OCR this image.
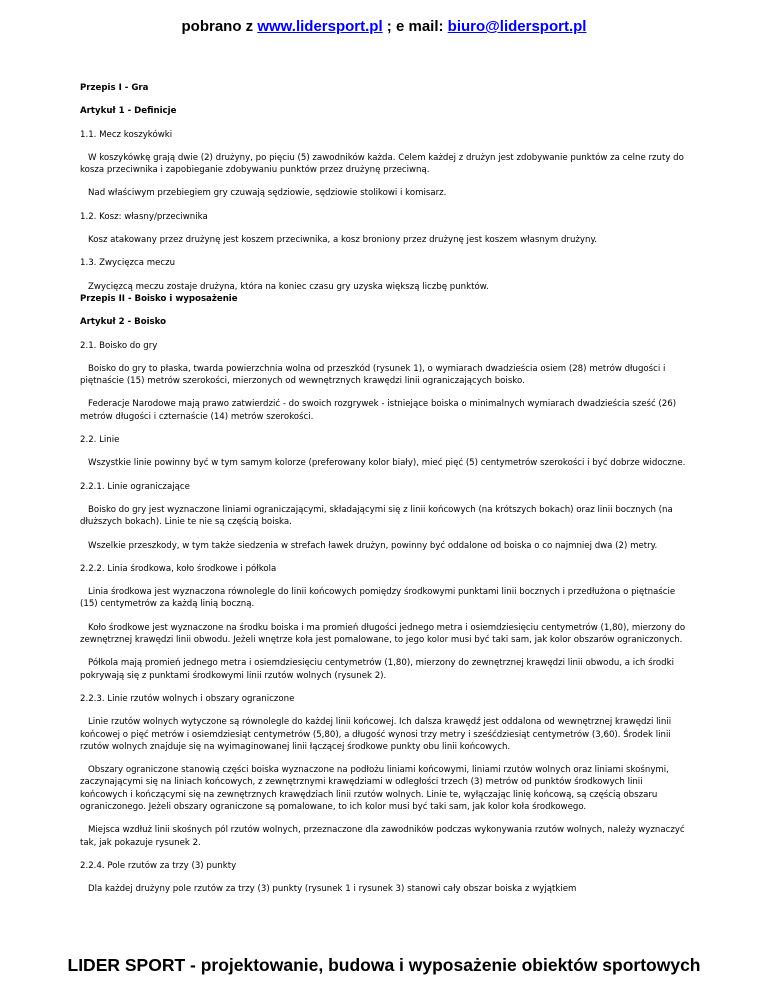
pobrano z www.lidersport.pl ; e mail: biuro@lidersport.pl

Przepis I - Gra

Artykuł 1 - Definicje

1.1. Mecz koszykówki

W koszykówkę grają dwie (2) drużyny, po pięciu (5) zawodników każda. Celem każdej z drużyn jest zdobywanie punktów za celne rzuty do kosza przeciwnika i zapobieganie zdobywaniu punktów przez drużynę przeciwną.

Nad właściwym przebiegiem gry czuwają sędziowie, sędziowie stolikowi i komisarz.

1.2. Kosz: własny/przeciwnika

Kosz atakowany przez drużynę jest koszem przeciwnika, a kosz broniony przez drużynę jest koszem własnym drużyny.

1.3. Zwycięzca meczu

Zwycięzcą meczu zostaje drużyna, która na koniec czasu gry uzyska większą liczbę punktów.

Przepis II - Boisko i wyposażenie

Artykuł 2 - Boisko

2.1. Boisko do gry

Boisko do gry to płaska, twarda powierzchnia wolna od przeszkód (rysunek 1), o wymiarach dwadzieścia osiem (28) metrów długości i piętnaście (15) metrów szerokości, mierzonych od wewnętrznych krawędzi linii ograniczających boisko.

Federacje Narodowe mają prawo zatwierdzić - do swoich rozgrywek - istniejące boiska o minimalnych wymiarach dwadzieścia sześć (26) metrów długości i czternaście (14) metrów szerokości.

2.2. Linie

Wszystkie linie powinny być w tym samym kolorze (preferowany kolor biały), mieć pięć (5) centymetrów szerokości i być dobrze widoczne.

2.2.1. Linie ograniczające

Boisko do gry jest wyznaczone liniami ograniczającymi, składającymi się z linii końcowych (na krótszych bokach) oraz linii bocznych (na dłuższych bokach). Linie te nie są częścią boiska.

Wszelkie przeszkody, w tym także siedzenia w strefach ławek drużyn, powinny być oddalone od boiska o co najmniej dwa (2) metry.

2.2.2. Linia środkowa, koło środkowe i półkola

Linia środkowa jest wyznaczona równolegle do linii końcowych pomiędzy środkowymi punktami linii bocznych i przedłużona o piętnaście (15) centymetrów za każdą linią boczną.

Koło środkowe jest wyznaczone na środku boiska i ma promień długości jednego metra i osiemdziesięciu centymetrów (1,80), mierzony do zewnętrznej krawędzi linii obwodu. Jeżeli wnętrze koła jest pomalowane, to jego kolor musi być taki sam, jak kolor obszarów ograniczonych.

Półkola mają promień jednego metra i osiemdziesięciu centymetrów (1,80), mierzony do zewnętrznej krawędzi linii obwodu, a ich środki pokrywają się z punktami środkowymi linii rzutów wolnych (rysunek 2).

2.2.3. Linie rzutów wolnych i obszary ograniczone

Linie rzutów wolnych wytyczone są równolegle do każdej linii końcowej. Ich dalsza krawędź jest oddalona od wewnętrznej krawędzi linii końcowej o pięć metrów i osiemdziesiąt centymetrów (5,80), a długość wynosi trzy metry i sześćdziesiąt centymetrów (3,60). Środek linii rzutów wolnych znajduje się na wyimaginowanej linii łączącej środkowe punkty obu linii końcowych.

Obszary ograniczone stanowią części boiska wyznaczone na podłożu liniami końcowymi, liniami rzutów wolnych oraz liniami skośnymi, zaczynającymi się na liniach końcowych, z zewnętrznymi krawędziami w odległości trzech (3) metrów od punktów środkowych linii końcowych i kończącymi się na zewnętrznych krawędziach linii rzutów wolnych. Linie te, wyłączając linię końcową, są częścią obszaru ograniczonego. Jeżeli obszary ograniczone są pomalowane, to ich kolor musi być taki sam, jak kolor koła środkowego.

Miejsca wzdłuż linii skośnych pól rzutów wolnych, przeznaczone dla zawodników podczas wykonywania rzutów wolnych, należy wyznaczyć tak, jak pokazuje rysunek 2.

2.2.4. Pole rzutów za trzy (3) punkty

Dla każdej drużyny pole rzutów za trzy (3) punkty (rysunek 1 i rysunek 3) stanowi cały obszar boiska z wyjątkiem

LIDER SPORT - projektowanie, budowa i wyposażenie obiektów sportowych
